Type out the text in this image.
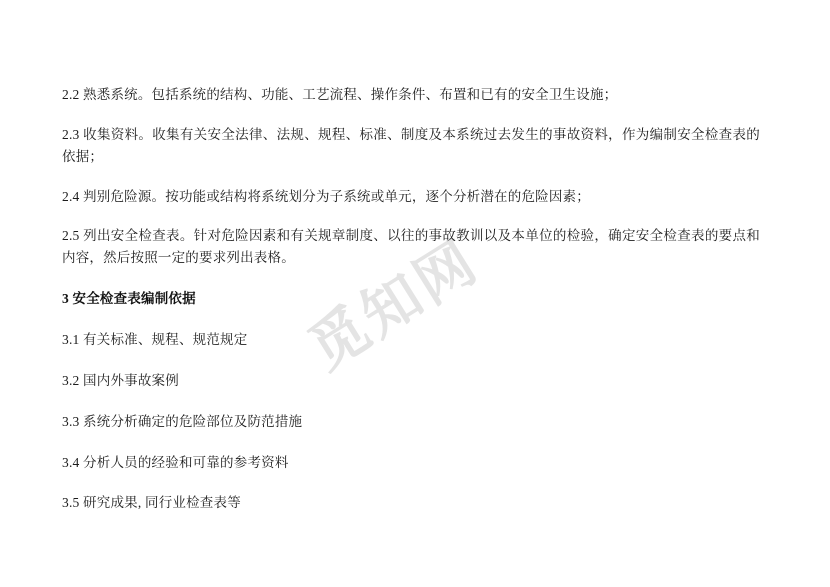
觅知网

2.2 熟悉系统。包括系统的结构、功能、工艺流程、操作条件、布置和已有的安全卫生设施；

2.3 收集资料。收集有关安全法律、法规、规程、标准、制度及本系统过去发生的事故资料，作为编制安全检查表的依据；

2.4 判别危险源。按功能或结构将系统划分为子系统或单元，逐个分析潜在的危险因素；

2.5 列出安全检查表。针对危险因素和有关规章制度、以往的事故教训以及本单位的检验，确定安全检查表的要点和内容，然后按照一定的要求列出表格。

3 安全检查表编制依据

3.1 有关标准、规程、规范规定

3.2 国内外事故案例

3.3 系统分析确定的危险部位及防范措施

3.4 分析人员的经验和可靠的参考资料

3.5 研究成果, 同行业检查表等
